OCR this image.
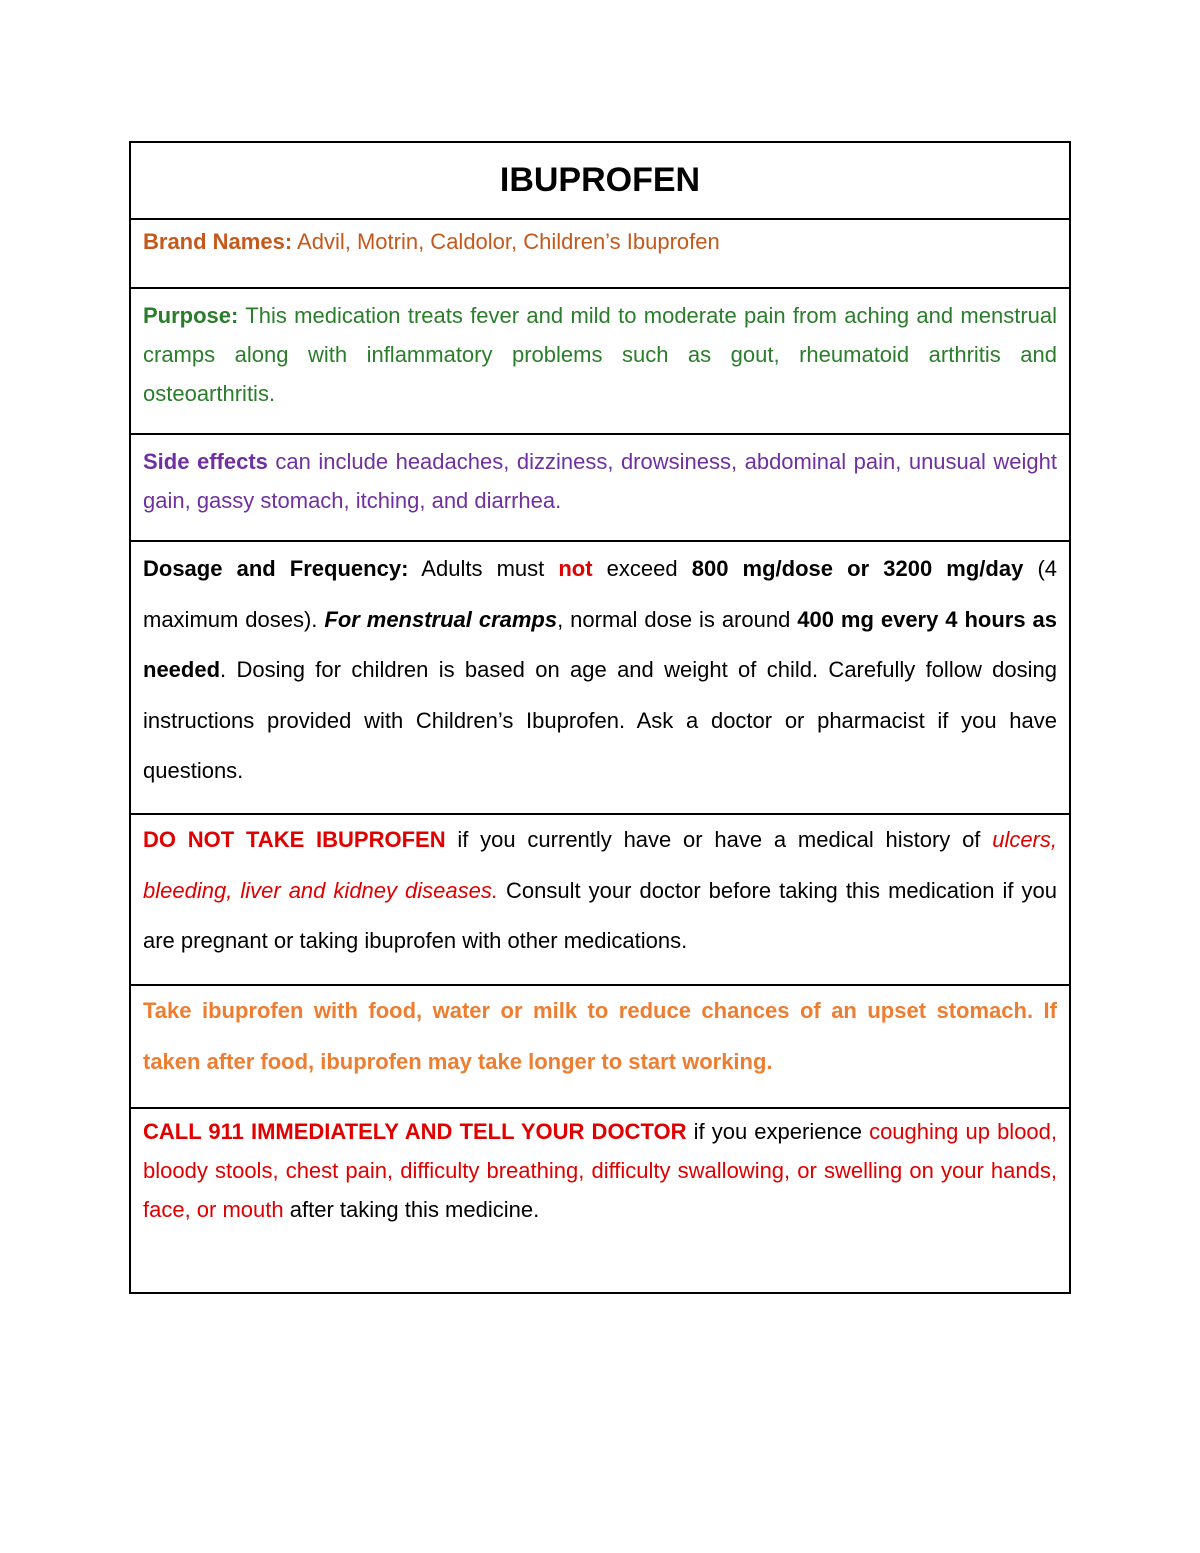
IBUPROFEN
Brand Names: Advil, Motrin, Caldolor, Children’s Ibuprofen
Purpose: This medication treats fever and mild to moderate pain from aching and menstrual cramps along with inflammatory problems such as gout, rheumatoid arthritis and osteoarthritis.
Side effects can include headaches, dizziness, drowsiness, abdominal pain, unusual weight gain, gassy stomach, itching, and diarrhea.
Dosage and Frequency: Adults must not exceed 800 mg/dose or 3200 mg/day (4 maximum doses). For menstrual cramps, normal dose is around 400 mg every 4 hours as needed. Dosing for children is based on age and weight of child. Carefully follow dosing instructions provided with Children’s Ibuprofen. Ask a doctor or pharmacist if you have questions.
DO NOT TAKE IBUPROFEN if you currently have or have a medical history of ulcers, bleeding, liver and kidney diseases. Consult your doctor before taking this medication if you are pregnant or taking ibuprofen with other medications.
Take ibuprofen with food, water or milk to reduce chances of an upset stomach. If taken after food, ibuprofen may take longer to start working.
CALL 911 IMMEDIATELY AND TELL YOUR DOCTOR if you experience coughing up blood, bloody stools, chest pain, difficulty breathing, difficulty swallowing, or swelling on your hands, face, or mouth after taking this medicine.
